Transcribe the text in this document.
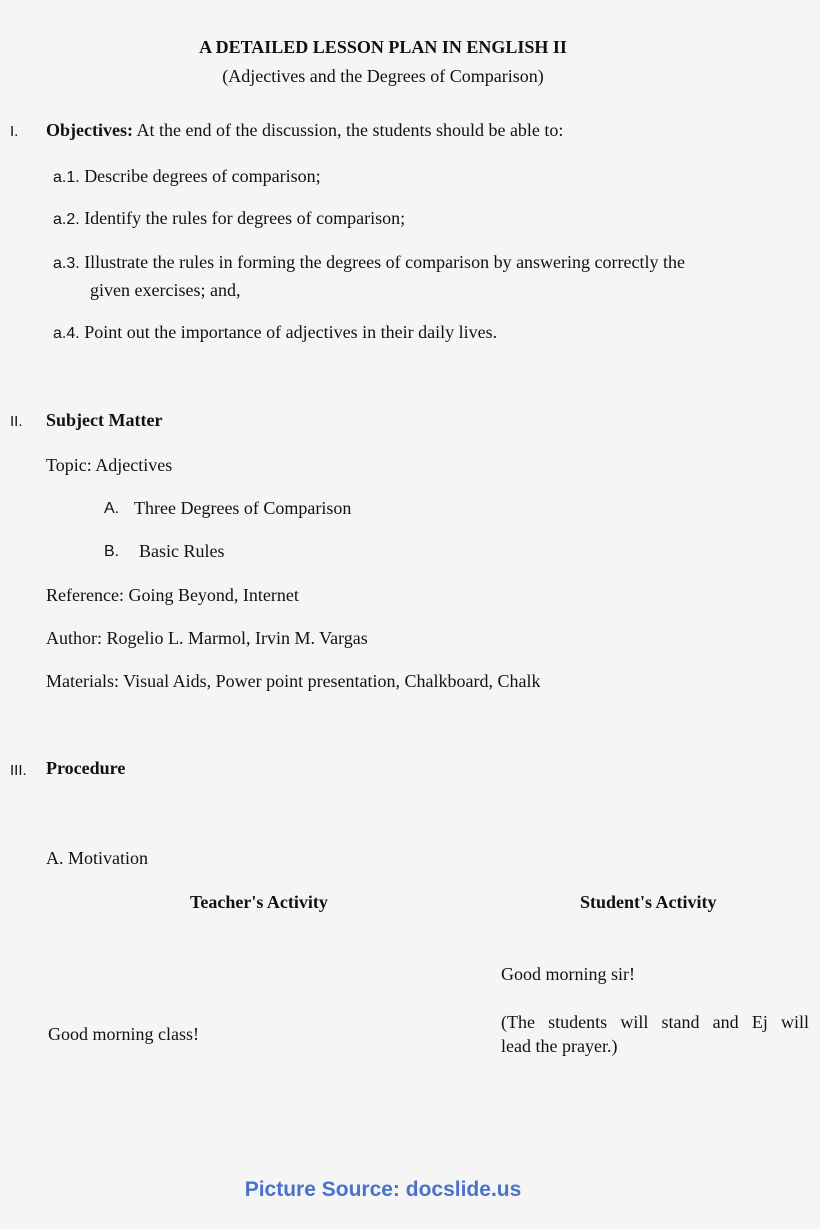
A DETAILED LESSON PLAN IN ENGLISH II
(Adjectives and the Degrees of Comparison)
I. Objectives: At the end of the discussion, the students should be able to:
a.1. Describe degrees of comparison;
a.2. Identify the rules for degrees of comparison;
a.3. Illustrate the rules in forming the degrees of comparison by answering correctly the
given exercises; and,
a.4. Point out the importance of adjectives in their daily lives.
II. Subject Matter
Topic: Adjectives
A. Three Degrees of Comparison
B. Basic Rules
Reference: Going Beyond, Internet
Author: Rogelio L. Marmol, Irvin M. Vargas
Materials: Visual Aids, Power point presentation, Chalkboard, Chalk
III. Procedure
A. Motivation
Teacher's Activity	Student's Activity
Good morning sir!
Good morning class!
(The students will stand and Ej will
lead the prayer.)
Picture Source: docslide.us
